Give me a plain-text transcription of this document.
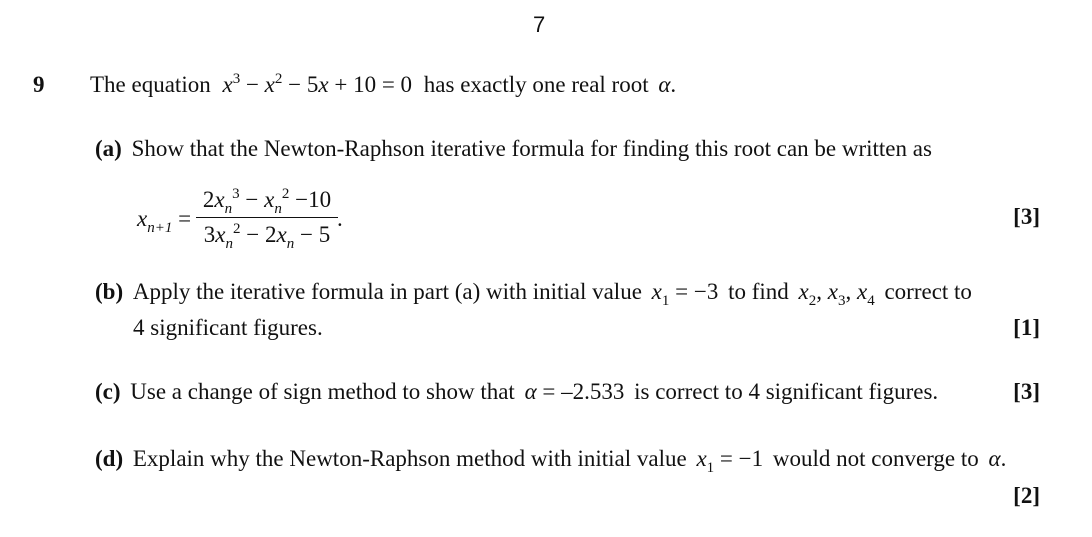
7
9 The equation $x^3 - x^2 - 5x + 10 = 0$ has exactly one real root α.
(a) Show that the Newton-Raphson iterative formula for finding this root can be written as
$x_{n+1}$ =
$2x_n^3 - x_n^2 -10$
$3x_n^2 - 2x_n - 5$
.	[3]
(b) Apply the iterative formula in part (a) with initial value $x_1 = -3$ to find $x_2$, $x_3$, $x_4$ correct to
4 significant figures.	[1]
(c) Use a change of sign method to show that α = –2.533 is correct to 4 significant figures.	[3]
(d) Explain why the Newton-Raphson method with initial value $x_1 = -1$ would not converge to α.
[2]
